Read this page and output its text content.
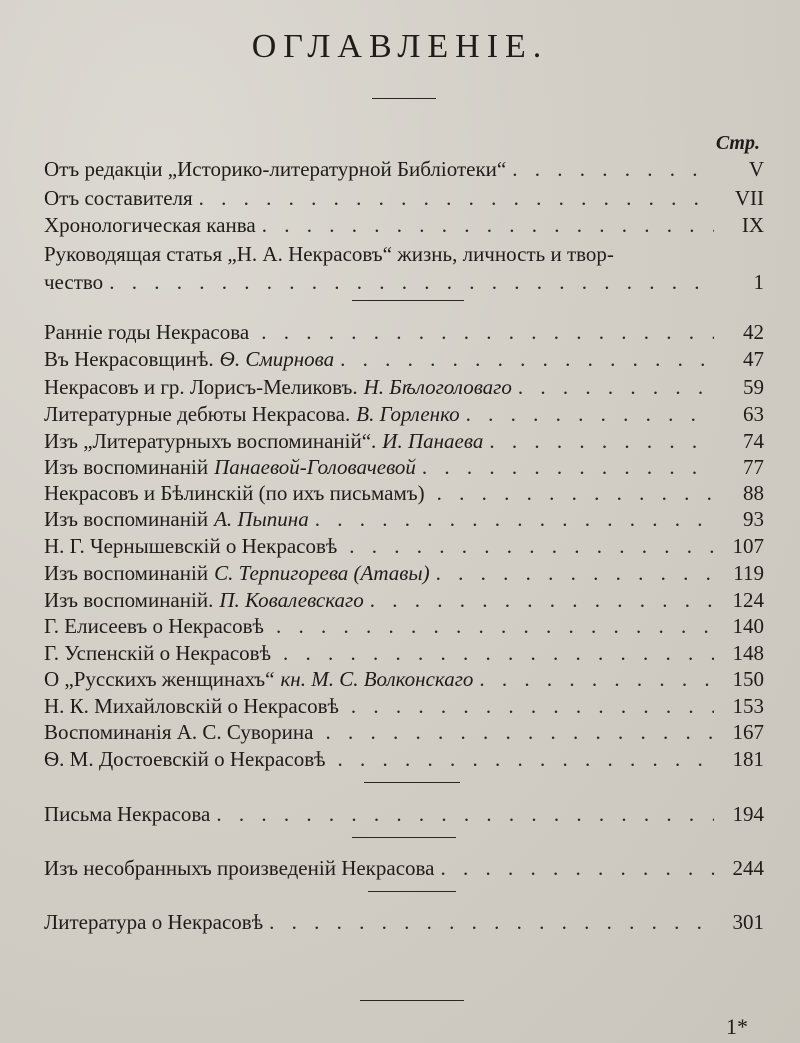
ОГЛАВЛЕНІЕ.
Стр.
Отъ редакціи „Историко-литературной Библіотеки“ . . .	V
Отъ составителя . . .	VII
Хронологическая канва . . .	IX
Руководящая статья „Н. А. Некрасовъ“ жизнь, личность и твор-
чество . . .	1
Ранніе годы Некрасова . . .	42
Въ Некрасовщинѣ. Ѳ. Смирнова . . .	47
Некрасовъ и гр. Лорисъ-Меликовъ. Н. Бѣлоголоваго . . .	59
Литературные дебюты Некрасова. В. Горленко . . .	63
Изъ „Литературныхъ воспоминаній“. И. Панаева . . .	74
Изъ воспоминаній Панаевой-Головачевой . . .	77
Некрасовъ и Бѣлинскій (по ихъ письмамъ) . . .	88
Изъ воспоминаній А. Пыпина . . .	93
Н. Г. Чернышевскій о Некрасовѣ . . .	107
Изъ воспоминаній С. Терпигорева (Атавы) . . .	119
Изъ воспоминаній. П. Ковалевскаго . . .	124
Г. Елисеевъ о Некрасовѣ . . .	140
Г. Успенскій о Некрасовѣ . . .	148
О „Русскихъ женщинахъ“ кн. М. С. Волконскаго . . .	150
Н. К. Михайловскій о Некрасовѣ . . .	153
Воспоминанія А. С. Суворина . . .	167
Ѳ. М. Достоевскій о Некрасовѣ . . .	181
Письма Некрасова . . .	194
Изъ несобранныхъ произведеній Некрасова . . .	244
Литература о Некрасовѣ . . .	301
1*
